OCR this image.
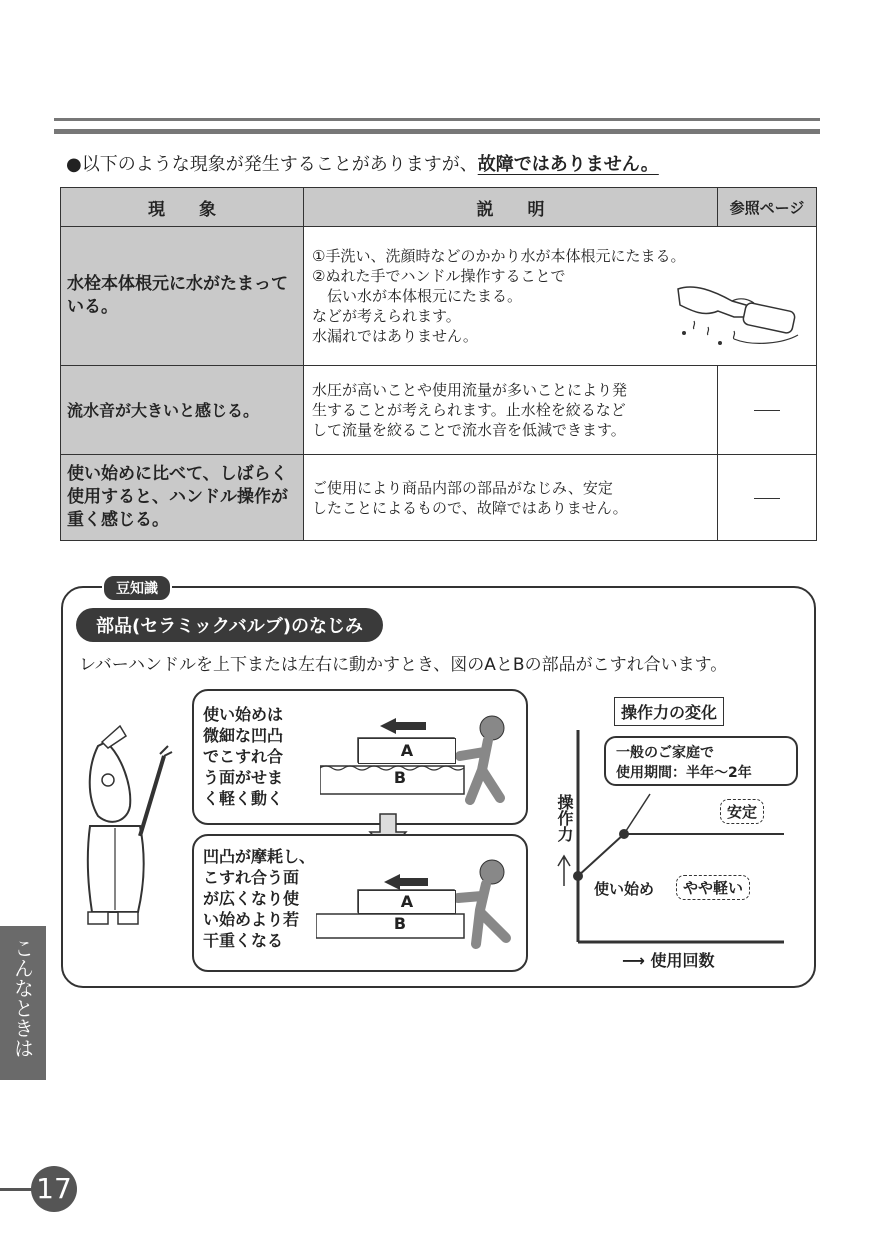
●以下のような現象が発生することがありますが、故障ではありません。
現　　象	説　　明	参照ページ
水栓本体根元に水がたまっている。	①手洗い、洗顔時などのかかり水が本体根元にたまる。
②ぬれた手でハンドル操作することで
　伝い水が本体根元にたまる。
などが考えられます。
水漏れではありません。	

流水音が大きいと感じる。	水圧が高いことや使用流量が多いことにより発
生することが考えられます。止水栓を絞るなど
して流量を絞ることで流水音を低減できます。	

使い始めに比べて、しばらく使用すると、ハンドル操作が重く感じる。	ご使用により商品内部の部品がなじみ、安定
したことによるもので、故障ではありません。	

豆知識
部品(セラミックバルブ)のなじみ
レバーハンドルを上下または左右に動かすとき、図のAとBの部品がこすれ合います。
使い始めは
微細な凹凸
でこすれ合
う面がせま
く軽く動く
A
B
凹凸が摩耗し、
こすれ合う面
が広くなり使
い始めより若
干重くなる
A
B
操作力の変化
一般のご家庭で
使用期間：半年〜2年
安定
使い始め	やや軽い
操作力
⟶ 使用回数
こんなときは
17
